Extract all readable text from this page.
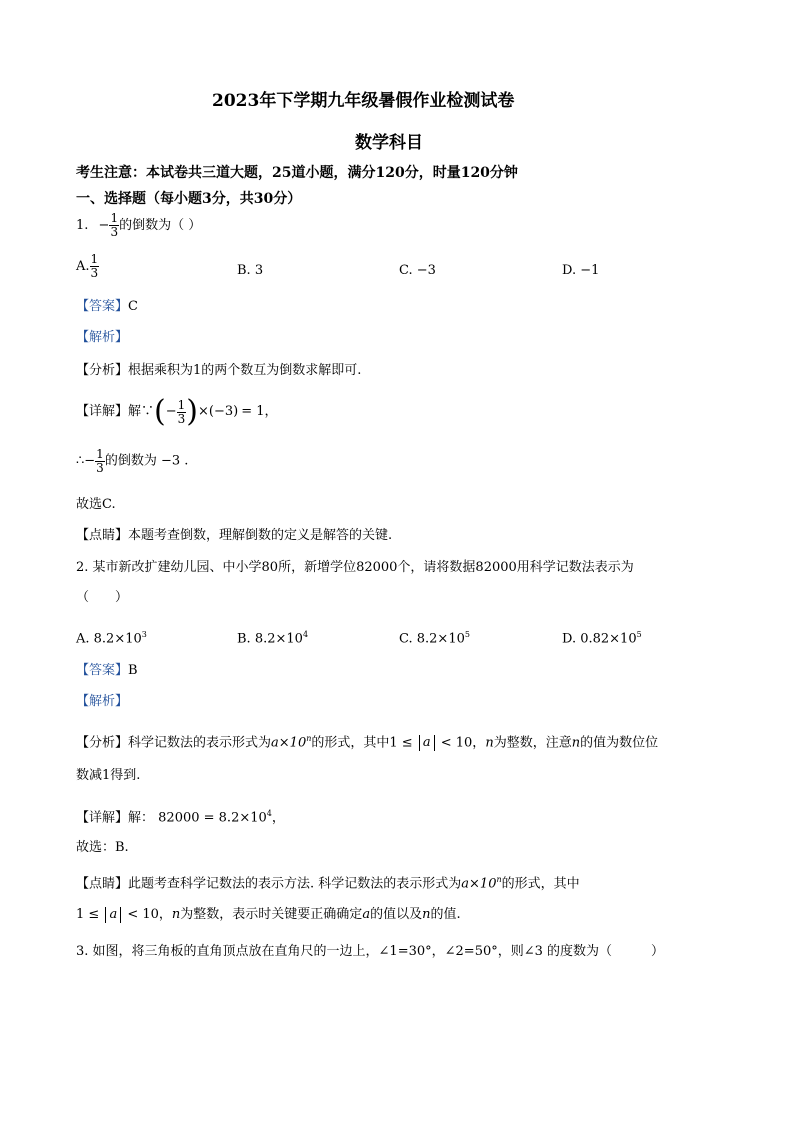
2023年下学期九年级暑假作业检测试卷
数学科目
考生注意：本试卷共三道大题，25道小题，满分120分，时量120分钟
一、选择题（每小题3分，共30分）
1. − $\frac{1}{3}$ 的倒数为（ ）
A. $\frac{1}{3}$	B. 3	C. −3	D. −1
【答案】C
【解析】
【分析】根据乘积为1的两个数互为倒数求解即可.
【详解】解∵(− $\frac{1}{3} )\times(-3) = 1$，
∴− $\frac{1}{3}$ 的倒数为 −3 .
故选C.
【点睛】本题考查倒数，理解倒数的定义是解答的关键.
2. 某市新改扩建幼儿园、中小学80所，新增学位82000个，请将数据82000用科学记数法表示为
（　　）
A. $8.2\times 10^3$	B. $8.2\times 10^4$	C. $8.2\times 10^5$	D. $0.82\times 10^5$
【答案】B
【解析】
【分析】科学记数法的表示形式为$a\times 10^n$的形式，其中1 ≤ a < 10，n为整数，注意n的值为数位位
数减1得到.
【详解】解： $82000 = 8.2\times 10^4$，
故选：B.
【点睛】此题考查科学记数法的表示方法. 科学记数法的表示形式为$a\times 10^n$的形式，其中
1 ≤ a < 10，n为整数，表示时关键要正确确定a的值以及n的值.
3. 如图，将三角板的直角顶点放在直角尺的一边上，∠1=30°，∠2=50°，则∠3 的度数为（　　　）
